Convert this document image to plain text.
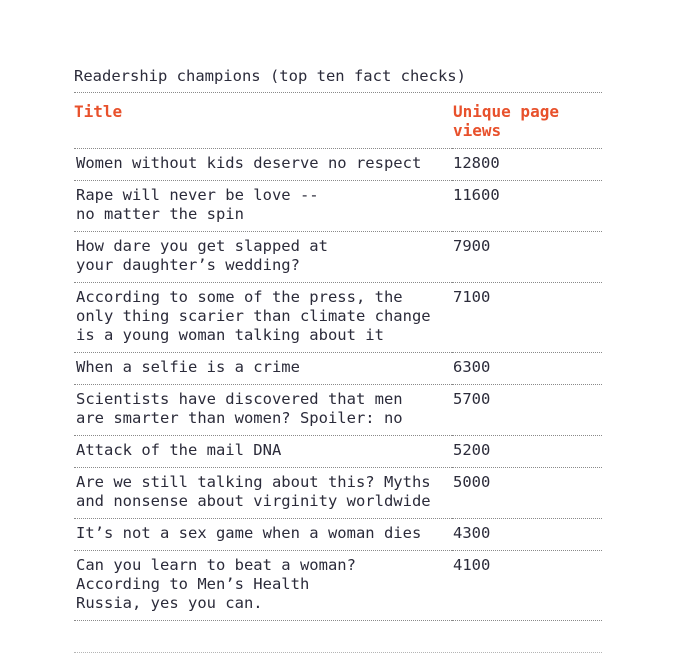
Readership champions (top ten fact checks)
Title	Unique page views
Women without kids deserve no respect	12800
Rape will never be love --
no matter the spin	11600
How dare you get slapped at
your daughter’s wedding?	7900
According to some of the press, the
only thing scarier than climate change
is a young woman talking about it	7100
When a selfie is a crime	6300
Scientists have discovered that men
are smarter than women? Spoiler: no	5700
Attack of the mail DNA	5200
Are we still talking about this? Myths
and nonsense about virginity worldwide	5000
It’s not a sex game when a woman dies	4300
Can you learn to beat a woman?
According to Men’s Health
Russia, yes you can.	4100
